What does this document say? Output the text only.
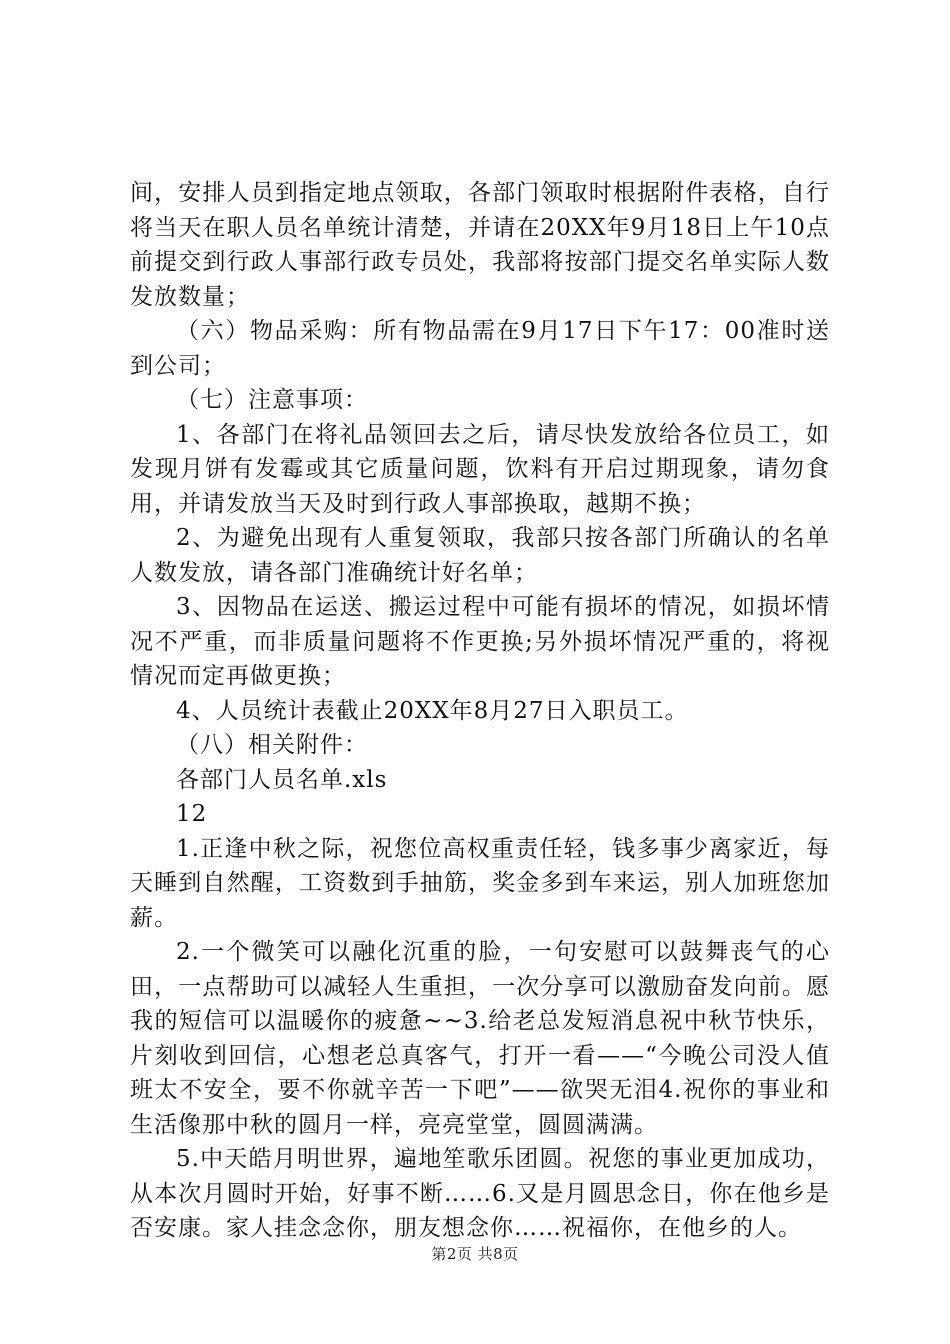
间，安排人员到指定地点领取，各部门领取时根据附件表格，自行将当天在职人员名单统计清楚，并请在20XX年9月18日上午10点前提交到行政人事部行政专员处，我部将按部门提交名单实际人数发放数量；

（六）物品采购：所有物品需在9月17日下午17：00准时送到公司；

（七）注意事项：

1、各部门在将礼品领回去之后，请尽快发放给各位员工，如发现月饼有发霉或其它质量问题，饮料有开启过期现象，请勿食用，并请发放当天及时到行政人事部换取，越期不换；

2、为避免出现有人重复领取，我部只按各部门所确认的名单人数发放，请各部门准确统计好名单；

3、因物品在运送、搬运过程中可能有损坏的情况，如损坏情况不严重，而非质量问题将不作更换;另外损坏情况严重的，将视情况而定再做更换；

4、人员统计表截止20XX年8月27日入职员工。

（八）相关附件：

各部门人员名单.xls

12

1.正逢中秋之际，祝您位高权重责任轻，钱多事少离家近，每天睡到自然醒，工资数到手抽筋，奖金多到车来运，别人加班您加薪。

2.一个微笑可以融化沉重的脸，一句安慰可以鼓舞丧气的心田，一点帮助可以减轻人生重担，一次分享可以激励奋发向前。愿我的短信可以温暖你的疲惫~~3.给老总发短消息祝中秋节快乐，片刻收到回信，心想老总真客气，打开一看——“今晚公司没人值班太不安全，要不你就辛苦一下吧”——欲哭无泪4.祝你的事业和生活像那中秋的圆月一样，亮亮堂堂，圆圆满满。

5.中天皓月明世界，遍地笙歌乐团圆。祝您的事业更加成功，从本次月圆时开始，好事不断……6.又是月圆思念日，你在他乡是否安康。家人挂念念你，朋友想念你……祝福你，在他乡的人。

第2页 共8页
